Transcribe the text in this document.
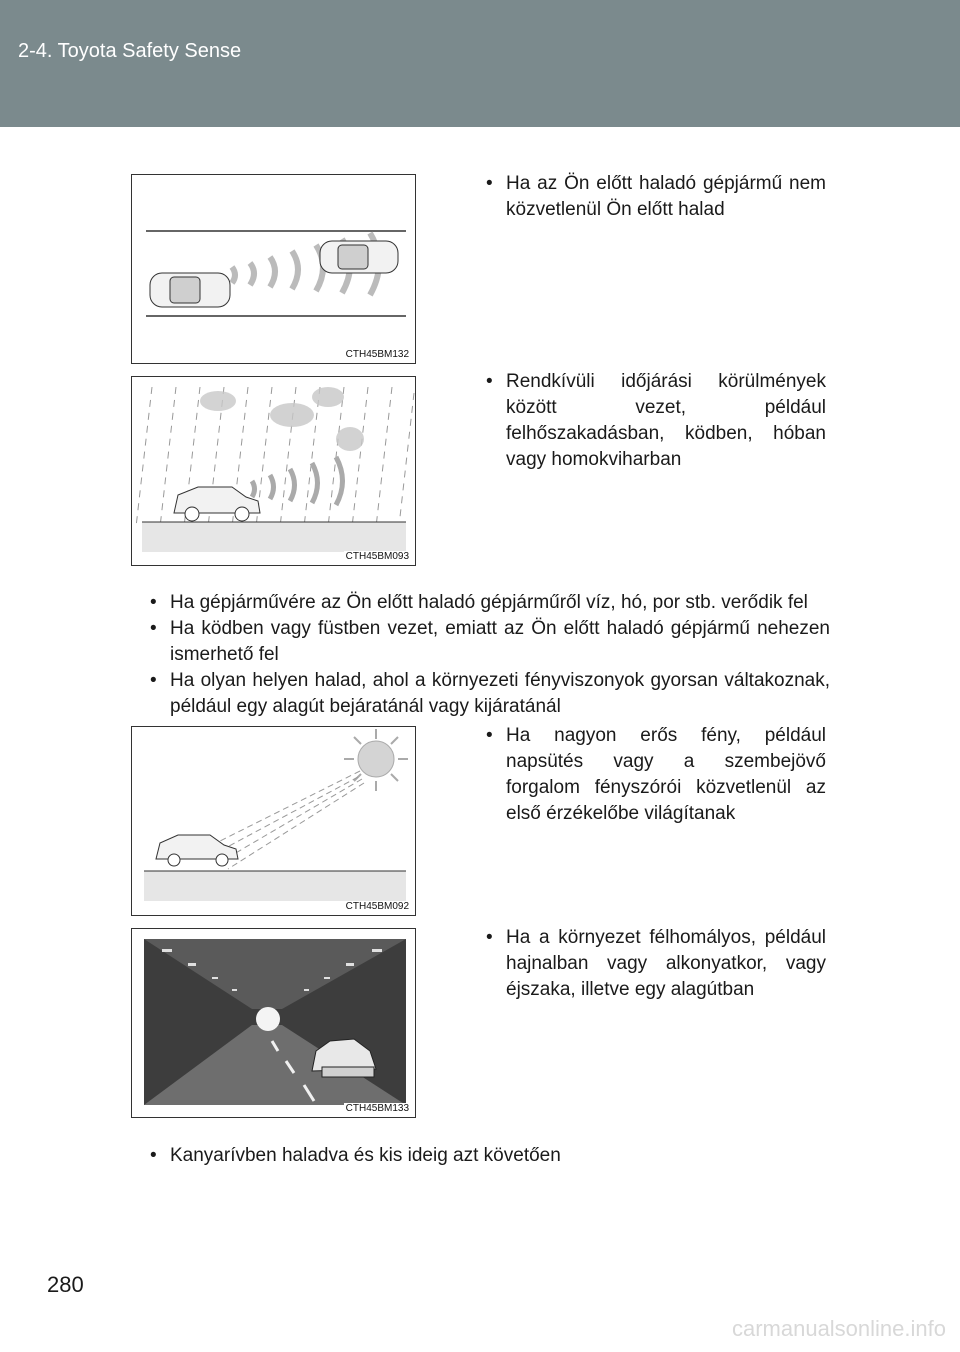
2-4. Toyota Safety Sense
CTH45BM132
• Ha az Ön előtt haladó gépjármű nem közvetlenül Ön előtt halad
CTH45BM093
• Rendkívüli időjárási körülmények között vezet, például felhőszakadásban, ködben, hóban vagy homokviharban
• Ha gépjárművére az Ön előtt haladó gépjárműről víz, hó, por stb. verődik fel
• Ha ködben vagy füstben vezet, emiatt az Ön előtt haladó gépjármű nehezen ismerhető fel
• Ha olyan helyen halad, ahol a környezeti fényviszonyok gyorsan váltakoznak, például egy alagút bejáratánál vagy kijáratánál
CTH45BM092
• Ha nagyon erős fény, például napsütés vagy a szembejövő forgalom fényszórói közvetlenül az első érzékelőbe világítanak
CTH45BM133
• Ha a környezet félhomályos, például hajnalban vagy alkonyatkor, vagy éjszaka, illetve egy alagútban
• Kanyarívben haladva és kis ideig azt követően
280
carmanualsonline.info
